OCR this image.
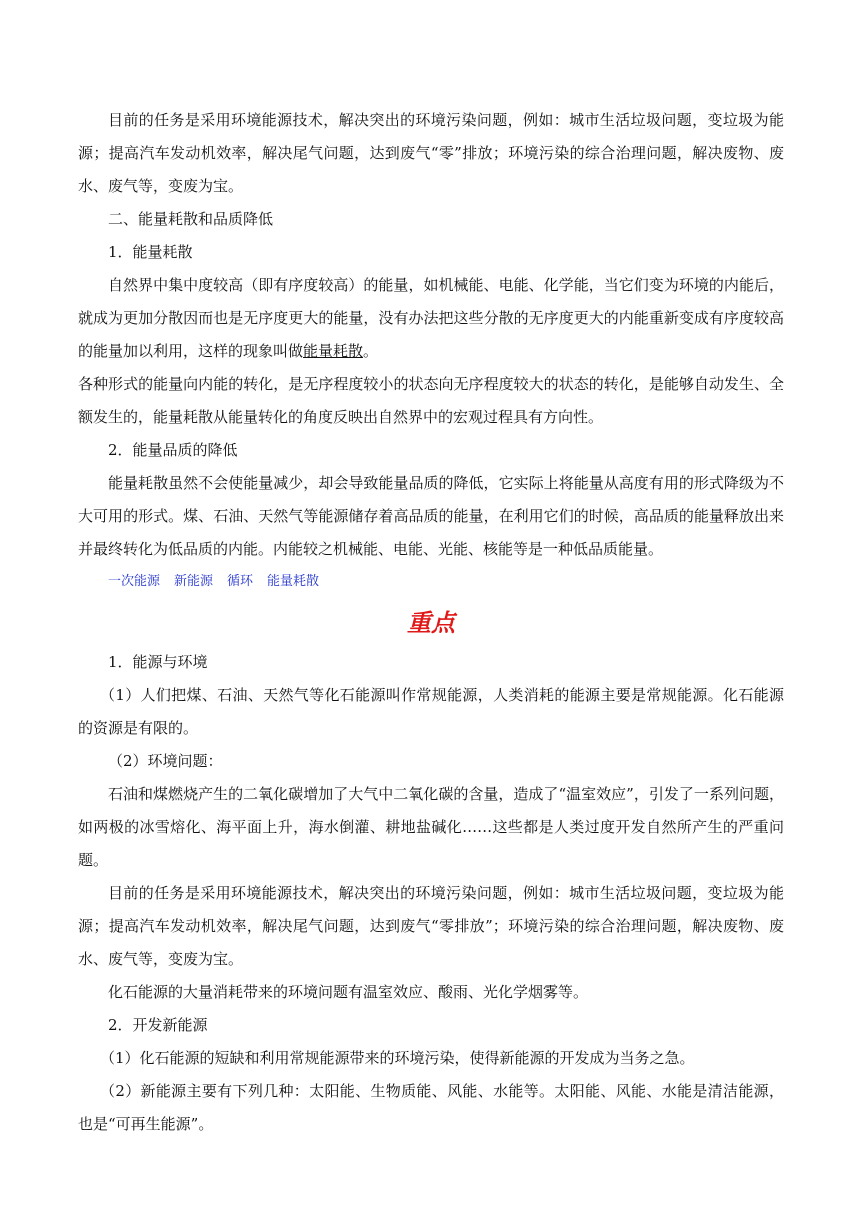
目前的任务是采用环境能源技术，解决突出的环境污染问题，例如：城市生活垃圾问题，变垃圾为能源；提高汽车发动机效率，解决尾气问题，达到废气“零”排放；环境污染的综合治理问题，解决废物、废水、废气等，变废为宝。

二、能量耗散和品质降低

1．能量耗散

自然界中集中度较高（即有序度较高）的能量，如机械能、电能、化学能，当它们变为环境的内能后，就成为更加分散因而也是无序度更大的能量，没有办法把这些分散的无序度更大的内能重新变成有序度较高的能量加以利用，这样的现象叫做能量耗散。

各种形式的能量向内能的转化，是无序程度较小的状态向无序程度较大的状态的转化，是能够自动发生、全额发生的，能量耗散从能量转化的角度反映出自然界中的宏观过程具有方向性。

2．能量品质的降低

能量耗散虽然不会使能量减少，却会导致能量品质的降低，它实际上将能量从高度有用的形式降级为不大可用的形式。煤、石油、天然气等能源储存着高品质的能量，在利用它们的时候，高品质的能量释放出来并最终转化为低品质的内能。内能较之机械能、电能、光能、核能等是一种低品质能量。

一次能源 新能源 循环 能量耗散
重点

1．能源与环境

（1）人们把煤、石油、天然气等化石能源叫作常规能源，人类消耗的能源主要是常规能源。化石能源的资源是有限的。

（2）环境问题：

石油和煤燃烧产生的二氧化碳增加了大气中二氧化碳的含量，造成了“温室效应”，引发了一系列问题，如两极的冰雪熔化、海平面上升，海水倒灌、耕地盐碱化……这些都是人类过度开发自然所产生的严重问题。

目前的任务是采用环境能源技术，解决突出的环境污染问题，例如：城市生活垃圾问题，变垃圾为能源；提高汽车发动机效率，解决尾气问题，达到废气“零排放”；环境污染的综合治理问题，解决废物、废水、废气等，变废为宝。

化石能源的大量消耗带来的环境问题有温室效应、酸雨、光化学烟雾等。

2．开发新能源

（1）化石能源的短缺和利用常规能源带来的环境污染，使得新能源的开发成为当务之急。

（2）新能源主要有下列几种：太阳能、生物质能、风能、水能等。太阳能、风能、水能是清洁能源，也是“可再生能源”。
